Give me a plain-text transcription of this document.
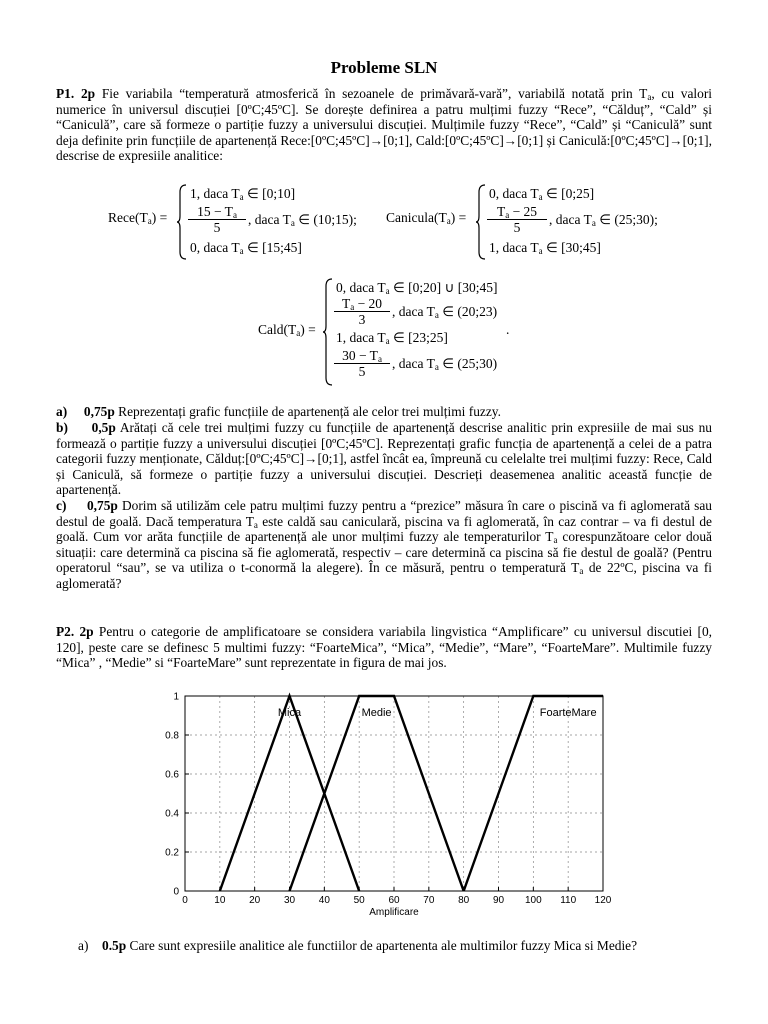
Probleme SLN

P1. 2p Fie variabila “temperatură atmosferică în sezoanele de primăvară-vară”, variabilă notată prin $T_a$, cu valori numerice în universul discuției [0ºC;45ºC]. Se dorește definirea a patru mulțimi fuzzy “Rece”, “Călduț”, “Cald” și “Caniculă”, care să formeze o partiție fuzzy a universului discuției. Mulțimile fuzzy “Rece”, “Cald” și “Caniculă” sunt deja definite prin funcțiile de apartenență Rece:[0ºC;45ºC]→[0;1], Cald:[0ºC;45ºC]→[0;1] și Caniculă:[0ºC;45ºC]→[0;1], descrise de expresiile analitice:

$Rece(T_a)$ =
1, daca $T_a$ ∈ [0;10]
$\frac{15 - T_a}{5}$ , daca $T_a$ ∈ (10;15);
0, daca $T_a$ ∈ [15;45]
$Canicula(T_a)$ =
0, daca $T_a$ ∈ [0;25]
$\frac{T_a - 25}{5}$ , daca $T_a$ ∈ (25;30);
1, daca $T_a$ ∈ [30;45]
$Cald(T_a)$ =
0, daca $T_a$ ∈ [0;20] ∪ [30;45]
$\frac{T_a - 20}{3}$ , daca $T_a$ ∈ (20;23)
1, daca $T_a$ ∈ [23;25]
$\frac{30 - T_a}{5}$ , daca $T_a$ ∈ (25;30)
.

a) 0,75p Reprezentați grafic funcțiile de apartenență ale celor trei mulțimi fuzzy.

b) 0,5p Arătați că cele trei mulțimi fuzzy cu funcțiile de apartenență descrise analitic prin expresiile de mai sus nu formează o partiție fuzzy a universului discuției [0ºC;45ºC]. Reprezentați grafic funcția de apartenență a celei de a patra categorii fuzzy menționate, Călduț:[0ºC;45ºC]→[0;1], astfel încât ea, împreună cu celelalte trei mulțimi fuzzy: Rece, Cald și Caniculă, să formeze o partiție fuzzy a universului discuției. Descrieți deasemenea analitic această funcție de apartenență.

c) 0,75p Dorim să utilizăm cele patru mulțimi fuzzy pentru a “prezice” măsura în care o piscină va fi aglomerată sau destul de goală. Dacă temperatura $T_a$ este caldă sau caniculară, piscina va fi aglomerată, în caz contrar – va fi destul de goală. Cum vor arăta funcțiile de apartenență ale unor mulțimi fuzzy ale temperaturilor $T_a$ corespunzătoare celor două situații: care determină ca piscina să fie aglomerată, respectiv – care determină ca piscina să fie destul de goală? (Pentru operatorul “sau”, se va utiliza o t-conormă la alegere). În ce măsură, pentru o temperatură $T_a$ de 22ºC, piscina va fi aglomerată?

P2. 2p Pentru o categorie de amplificatoare se considera variabila lingvistica “Amplificare” cu universul discutiei [0, 120], peste care se definesc 5 multimi fuzzy: “FoarteMica”, “Mica”, “Medie”, “Mare”, “FoarteMare”. Multimile fuzzy “Mica” , “Medie” si “FoarteMare” sunt reprezentate in figura de mai jos.

0	10 20 30 40 50 60 70 80 90 100 110 120
0
0.2
0.4
0.6
0.8
1
Amplificare
Mica	Medie	FoarteMare
a) 0.5p Care sunt expresiile analitice ale functiilor de apartenenta ale multimilor fuzzy Mica si Medie?
